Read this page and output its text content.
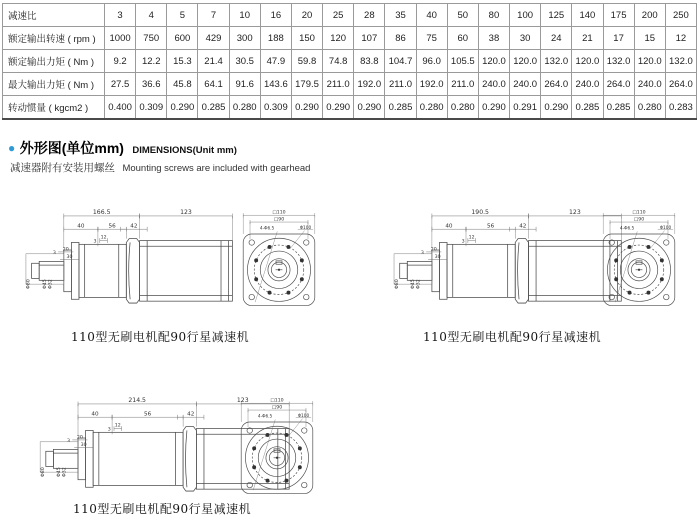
减速比	3	4	5	7	10	16	20	25	28	35	40	50	80	100	125	140	175	200	250
额定输出转速 ( rpm )	1000	750	600	429	300	188	150	120	107	86	75	60	38	30	24	21	17	15	12
额定输出力矩 ( Nm )	9.2	12.2	15.3	21.4	30.5	47.9	59.8	74.8	83.8	104.7	96.0	105.5	120.0	120.0	132.0	120.0	132.0	120.0	132.0
最大输出力矩 ( Nm )	27.5	36.6	45.8	64.1	91.6	143.6	179.5	211.0	192.0	211.0	192.0	211.0	240.0	240.0	264.0	240.0	264.0	240.0	264.0
转动惯量 ( kgcm2 )	0.400	0.309	0.290	0.285	0.280	0.309	0.290	0.290	0.290	0.285	0.280	0.280	0.290	0.291	0.290	0.285	0.285	0.280	0.283
● 外形图(单位mm) DIMENSIONS(Unit mm)
减速器附有安装用螺丝 Mounting screws are included with gearhead
166.5	123
40	56 42
12
3
3
20
30
Φ80 Φ45 Φ32
□110
□90
4-Φ6.5	Φ100
110型无刷电机配90行星减速机
190.5	123
40	56	42
12
3
3
20
30
Φ80 Φ45 Φ32
□110
□90
4-Φ6.5	Φ100
110型无刷电机配90行星减速机
214.5	123
40	56	42
12
3
3
20
30
Φ80 Φ45 Φ32
□110
□90
4-Φ6.5	Φ100
110型无刷电机配90行星减速机
